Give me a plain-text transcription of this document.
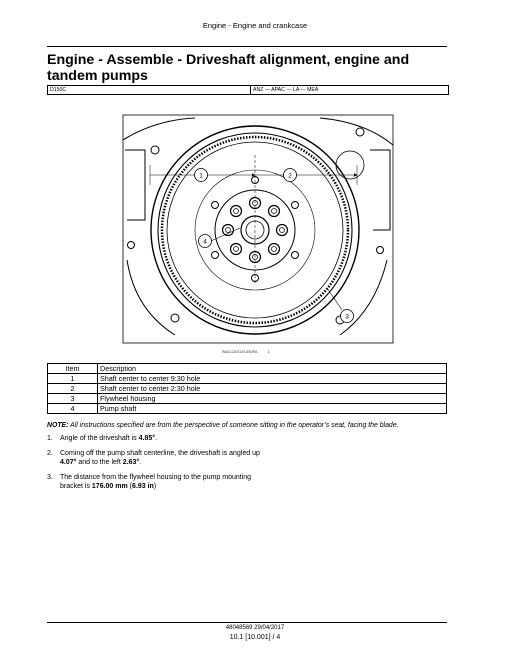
Engine - Engine and crankcase
Engine - Assemble - Driveshaft alignment, engine and tandem pumps
D150C	ANZ --- APAC --- LA --- MEA
1	2
3
4
RAIL12DOZ1450FA	1
Item	Description
1	Shaft center to center 9:30 hole
2	Shaft center to center 2:30 hole
3	Flywheel housing
4	Pump shaft
NOTE: All instructions specified are from the perspective of someone sitting in the operator’s seat, facing the blade.
1.	Angle of the driveshaft is 4.85°.
2.	Coming off the pump shaft centerline, the driveshaft is angled up 4.07° and to the left 2.63°.
3.	The distance from the flywheel housing to the pump mounting bracket is 176.00 mm (6.93 in)
48048569 29/04/2017
10.1 [10.001] / 4
